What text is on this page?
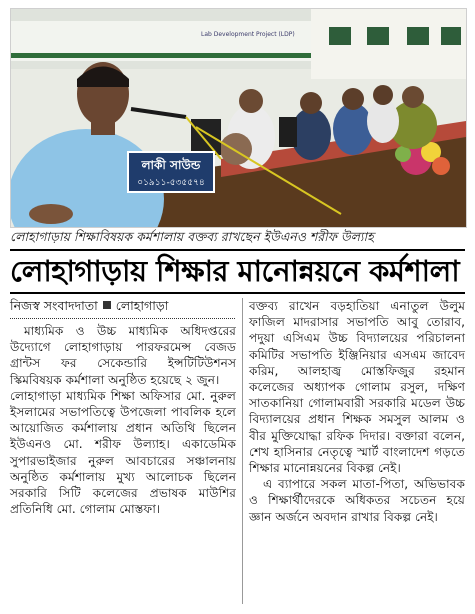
Lab Development Project (LDP)
লাকী সাউন্ড
০১৯১১-৫৩৫৫৭৪
লোহাগাড়ায় শিক্ষাবিষয়ক কর্মশালায় বক্তব্য রাখছেন ইউএনও শরীফ উল্যাহ
লোহাগাড়ায় শিক্ষার মানোন্নয়নে কর্মশালা
নিজস্ব সংবাদদাতা লোহাগাড়া

মাধ্যমিক ও উচ্চ মাধ্যমিক অধিদপ্তরের উদ্যোগে লোহাগাড়ায় পারফরমেন্স বেজড গ্রান্টস ফর সেকেন্ডারি ইন্সটিটিউশনস স্কিমবিষয়ক কর্মশালা অনুষ্ঠিত হয়েছে ২ জুন।

লোহাগাড়া মাধ্যমিক শিক্ষা অফিসার মো. নুরুল ইসলামের সভাপতিত্বে উপজেলা পাবলিক হলে আয়োজিত কর্মশালায় প্রধান অতিথি ছিলেন ইউএনও মো. শরীফ উল্যাহ। একাডেমিক সুপারভাইজার নুরুল আবচারের সঞ্চালনায় অনুষ্ঠিত কর্মশালায় মুখ্য আলোচক ছিলেন সরকারি সিটি কলেজের প্রভাষক মাউশির প্রতিনিধি মো. গোলাম মোস্তফা।

বক্তব্য রাখেন বড়হাতিয়া এনাতুল উলুম ফাজিল মাদরাসার সভাপতি আবু তোরাব, পদুয়া এসিএম উচ্চ বিদ্যালয়ের পরিচালনা কমিটির সভাপতি ইঞ্জিনিয়ার এসএম জাবেদ করিম, আলহাজ্ব মোস্তফিজুর রহমান কলেজের অধ্যাপক গোলাম রসুল, দক্ষিণ সাতকানিয়া গোলামবারী সরকারি মডেল উচ্চ বিদ্যালয়ের প্রধান শিক্ষক সমসুল আলম ও বীর মুক্তিযোদ্ধা রফিক দিদার। বক্তারা বলেন, শেখ হাসিনার নেতৃত্বে স্মার্ট বাংলাদেশ গড়তে শিক্ষার মানোন্নয়নের বিকল্প নেই।

এ ব্যাপারে সকল মাতা-পিতা, অভিভাবক ও শিক্ষার্থীদেরকে অধিকতর সচেতন হয়ে জ্ঞান অর্জনে অবদান রাখার বিকল্প নেই।
